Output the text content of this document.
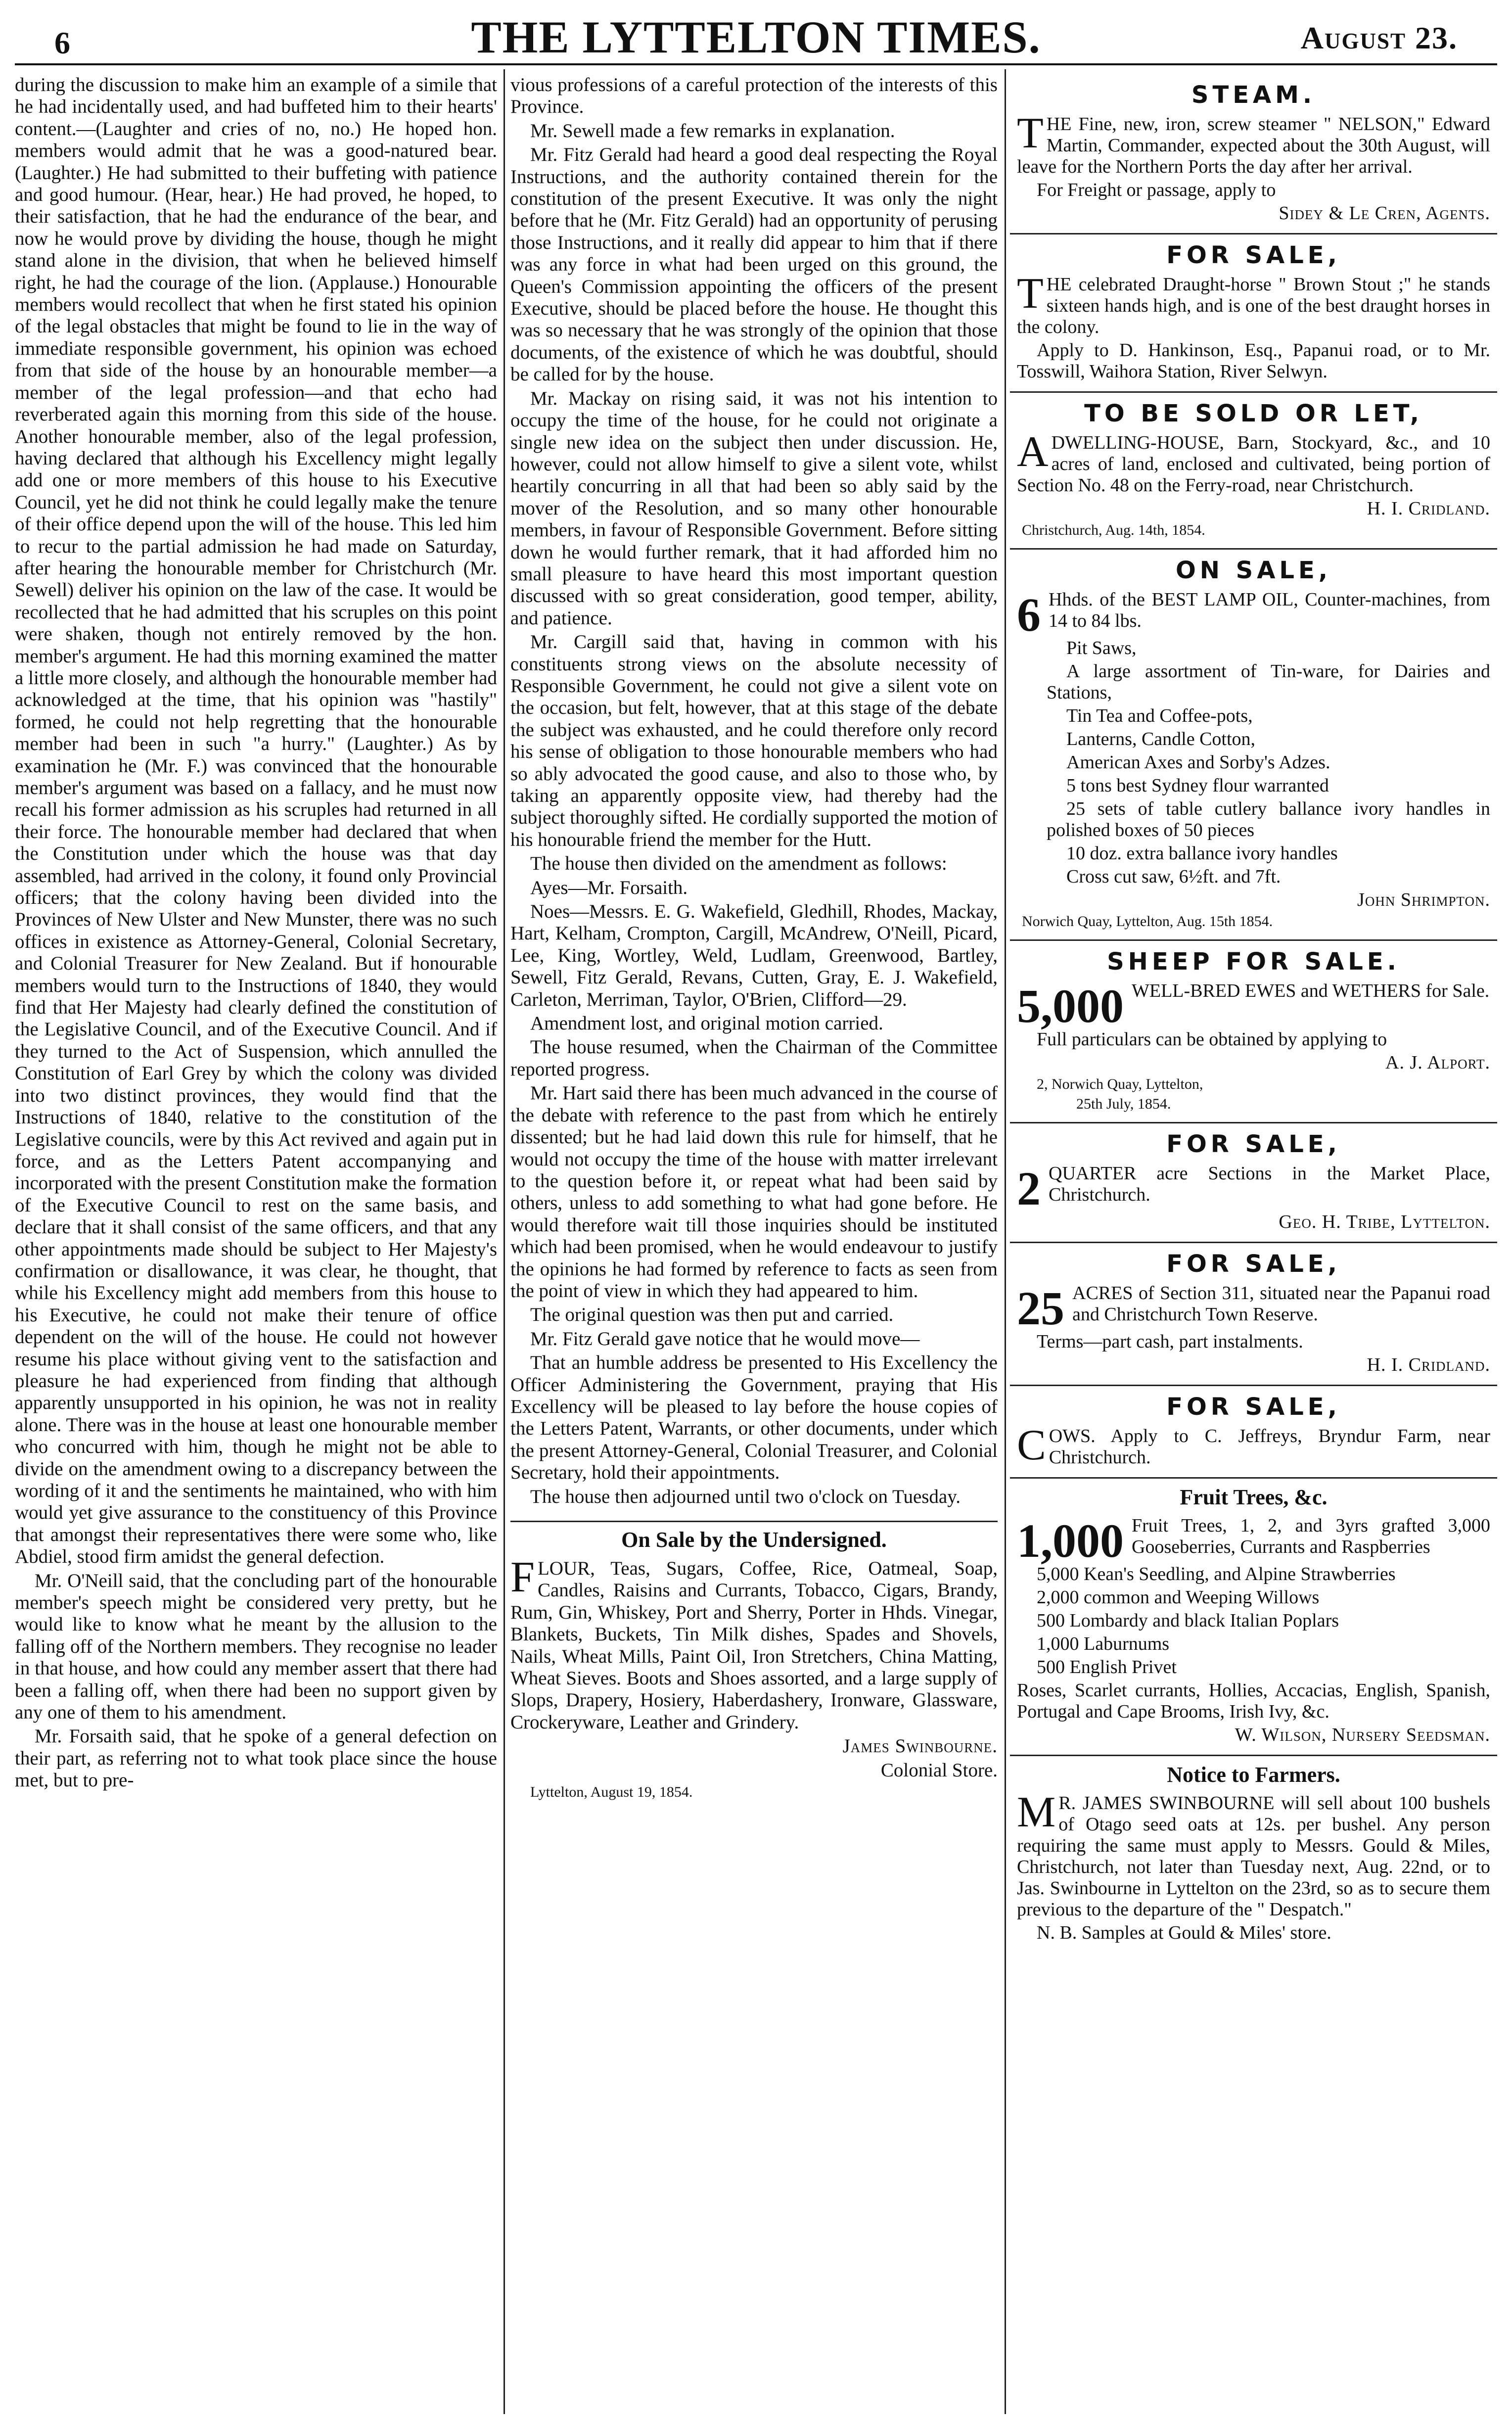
6	THE LYTTELTON TIMES.	August 23.

during the discussion to make him an example of a simile that he had incidentally used, and had buffeted him to their hearts' content.—(Laughter and cries of no, no.) He hoped hon. members would admit that he was a good-natured bear. (Laughter.) He had submitted to their buffeting with patience and good humour. (Hear, hear.) He had proved, he hoped, to their satisfaction, that he had the endurance of the bear, and now he would prove by dividing the house, though he might stand alone in the division, that when he believed himself right, he had the courage of the lion. (Applause.) Honourable members would recollect that when he first stated his opinion of the legal obstacles that might be found to lie in the way of immediate responsible government, his opinion was echoed from that side of the house by an honourable member—a member of the legal profession—and that echo had reverberated again this morning from this side of the house. Another honourable member, also of the legal profession, having declared that although his Excellency might legally add one or more members of this house to his Executive Council, yet he did not think he could legally make the tenure of their office depend upon the will of the house. This led him to recur to the partial admission he had made on Saturday, after hearing the honourable member for Christchurch (Mr. Sewell) deliver his opinion on the law of the case. It would be recollected that he had admitted that his scruples on this point were shaken, though not entirely removed by the hon. member's argument. He had this morning examined the matter a little more closely, and although the honourable member had acknowledged at the time, that his opinion was "hastily" formed, he could not help regretting that the honourable member had been in such "a hurry." (Laughter.) As by examination he (Mr. F.) was convinced that the honourable member's argument was based on a fallacy, and he must now recall his former admission as his scruples had returned in all their force. The honourable member had declared that when the Constitution under which the house was that day assembled, had arrived in the colony, it found only Provincial officers; that the colony having been divided into the Provinces of New Ulster and New Munster, there was no such offices in existence as Attorney-General, Colonial Secretary, and Colonial Treasurer for New Zealand. But if honourable members would turn to the Instructions of 1840, they would find that Her Majesty had clearly defined the constitution of the Legislative Council, and of the Executive Council. And if they turned to the Act of Suspension, which annulled the Constitution of Earl Grey by which the colony was divided into two distinct provinces, they would find that the Instructions of 1840, relative to the constitution of the Legislative councils, were by this Act revived and again put in force, and as the Letters Patent accompanying and incorporated with the present Constitution make the formation of the Executive Council to rest on the same basis, and declare that it shall consist of the same officers, and that any other appointments made should be subject to Her Majesty's confirmation or disallowance, it was clear, he thought, that while his Excellency might add members from this house to his Executive, he could not make their tenure of office dependent on the will of the house. He could not however resume his place without giving vent to the satisfaction and pleasure he had experienced from finding that although apparently unsupported in his opinion, he was not in reality alone. There was in the house at least one honourable member who concurred with him, though he might not be able to divide on the amendment owing to a discrepancy between the wording of it and the sentiments he maintained, who with him would yet give assurance to the constituency of this Province that amongst their representatives there were some who, like Abdiel, stood firm amidst the general defection.

Mr. O'Neill said, that the concluding part of the honourable member's speech might be considered very pretty, but he would like to know what he meant by the allusion to the falling off of the Northern members. They recognise no leader in that house, and how could any member assert that there had been a falling off, when there had been no support given by any one of them to his amendment.

Mr. Forsaith said, that he spoke of a general defection on their part, as referring not to what took place since the house met, but to pre-

vious professions of a careful protection of the interests of this Province.

Mr. Sewell made a few remarks in explanation.

Mr. Fitz Gerald had heard a good deal respecting the Royal Instructions, and the authority contained therein for the constitution of the present Executive. It was only the night before that he (Mr. Fitz Gerald) had an opportunity of perusing those Instructions, and it really did appear to him that if there was any force in what had been urged on this ground, the Queen's Commission appointing the officers of the present Executive, should be placed before the house. He thought this was so necessary that he was strongly of the opinion that those documents, of the existence of which he was doubtful, should be called for by the house.

Mr. Mackay on rising said, it was not his intention to occupy the time of the house, for he could not originate a single new idea on the subject then under discussion. He, however, could not allow himself to give a silent vote, whilst heartily concurring in all that had been so ably said by the mover of the Resolution, and so many other honourable members, in favour of Responsible Government. Before sitting down he would further remark, that it had afforded him no small pleasure to have heard this most important question discussed with so great consideration, good temper, ability, and patience.

Mr. Cargill said that, having in common with his constituents strong views on the absolute necessity of Responsible Government, he could not give a silent vote on the occasion, but felt, however, that at this stage of the debate the subject was exhausted, and he could therefore only record his sense of obligation to those honourable members who had so ably advocated the good cause, and also to those who, by taking an apparently opposite view, had thereby had the subject thoroughly sifted. He cordially supported the motion of his honourable friend the member for the Hutt.

The house then divided on the amendment as follows:

Ayes—Mr. Forsaith.

Noes—Messrs. E. G. Wakefield, Gledhill, Rhodes, Mackay, Hart, Kelham, Crompton, Cargill, McAndrew, O'Neill, Picard, Lee, King, Wortley, Weld, Ludlam, Greenwood, Bartley, Sewell, Fitz Gerald, Revans, Cutten, Gray, E. J. Wakefield, Carleton, Merriman, Taylor, O'Brien, Clifford—29.

Amendment lost, and original motion carried.

The house resumed, when the Chairman of the Committee reported progress.

Mr. Hart said there has been much advanced in the course of the debate with reference to the past from which he entirely dissented; but he had laid down this rule for himself, that he would not occupy the time of the house with matter irrelevant to the question before it, or repeat what had been said by others, unless to add something to what had gone before. He would therefore wait till those inquiries should be instituted which had been promised, when he would endeavour to justify the opinions he had formed by reference to facts as seen from the point of view in which they had appeared to him.

The original question was then put and carried.

Mr. Fitz Gerald gave notice that he would move—

That an humble address be presented to His Excellency the Officer Administering the Government, praying that His Excellency will be pleased to lay before the house copies of the Letters Patent, Warrants, or other documents, under which the present Attorney-General, Colonial Treasurer, and Colonial Secretary, hold their appointments.

The house then adjourned until two o'clock on Tuesday.

On Sale by the Undersigned.

FLOUR, Teas, Sugars, Coffee, Rice, Oatmeal, Soap, Candles, Raisins and Currants, Tobacco, Cigars, Brandy, Rum, Gin, Whiskey, Port and Sherry, Porter in Hhds. Vinegar, Blankets, Buckets, Tin Milk dishes, Spades and Shovels, Nails, Wheat Mills, Paint Oil, Iron Stretchers, China Matting, Wheat Sieves. Boots and Shoes assorted, and a large supply of Slops, Drapery, Hosiery, Haberdashery, Ironware, Glassware, Crockeryware, Leather and Grindery.

James Swinbourne.

Colonial Store.

Lyttelton, August 19, 1854.

STEAM.

THE Fine, new, iron, screw steamer " NELSON," Edward Martin, Commander, expected about the 30th August, will leave for the Northern Ports the day after her arrival.

For Freight or passage, apply to

Sidey & Le Cren, Agents.

FOR SALE,

THE celebrated Draught-horse " Brown Stout ;" he stands sixteen hands high, and is one of the best draught horses in the colony.

Apply to D. Hankinson, Esq., Papanui road, or to Mr. Tosswill, Waihora Station, River Selwyn.

TO BE SOLD OR LET,

ADWELLING-HOUSE, Barn, Stockyard, &c., and 10 acres of land, enclosed and cultivated, being portion of Section No. 48 on the Ferry-road, near Christchurch.

H. I. Cridland.

Christchurch, Aug. 14th, 1854.

ON SALE,

6 Hhds. of the BEST LAMP OIL, Counter-machines, from 14 to 84 lbs.

Pit Saws,

A large assortment of Tin-ware, for Dairies and Stations,

Tin Tea and Coffee-pots,

Lanterns, Candle Cotton,

American Axes and Sorby's Adzes.

5 tons best Sydney flour warranted

25 sets of table cutlery ballance ivory handles in polished boxes of 50 pieces

10 doz. extra ballance ivory handles

Cross cut saw, 6½ft. and 7ft.

John Shrimpton.

Norwich Quay, Lyttelton, Aug. 15th 1854.

SHEEP FOR SALE.

5,000 WELL-BRED EWES and WETHERS for Sale.

Full particulars can be obtained by applying to

A. J. Alport.

2, Norwich Quay, Lyttelton,

25th July, 1854.

FOR SALE,

2 QUARTER acre Sections in the Market Place, Christchurch.

Geo. H. Tribe, Lyttelton.

FOR SALE,

25 ACRES of Section 311, situated near the Papanui road and Christchurch Town Reserve.

Terms—part cash, part instalments.

H. I. Cridland.

FOR SALE,

COWS. Apply to C. Jeffreys, Bryndur Farm, near Christchurch.

Fruit Trees, &c.

1,000 Fruit Trees, 1, 2, and 3yrs grafted 3,000 Gooseberries, Currants and Raspberries

5,000 Kean's Seedling, and Alpine Strawberries

2,000 common and Weeping Willows

500 Lombardy and black Italian Poplars

1,000 Laburnums

500 English Privet

Roses, Scarlet currants, Hollies, Accacias, English, Spanish, Portugal and Cape Brooms, Irish Ivy, &c.

W. Wilson, Nursery Seedsman.

Notice to Farmers.

M R. JAMES SWINBOURNE will sell about 100 bushels of Otago seed oats at 12s. per bushel. Any person requiring the same must apply to Messrs. Gould & Miles, Christchurch, not later than Tuesday next, Aug. 22nd, or to Jas. Swinbourne in Lyttelton on the 23rd, so as to secure them previous to the departure of the " Despatch."

N. B. Samples at Gould & Miles' store.
